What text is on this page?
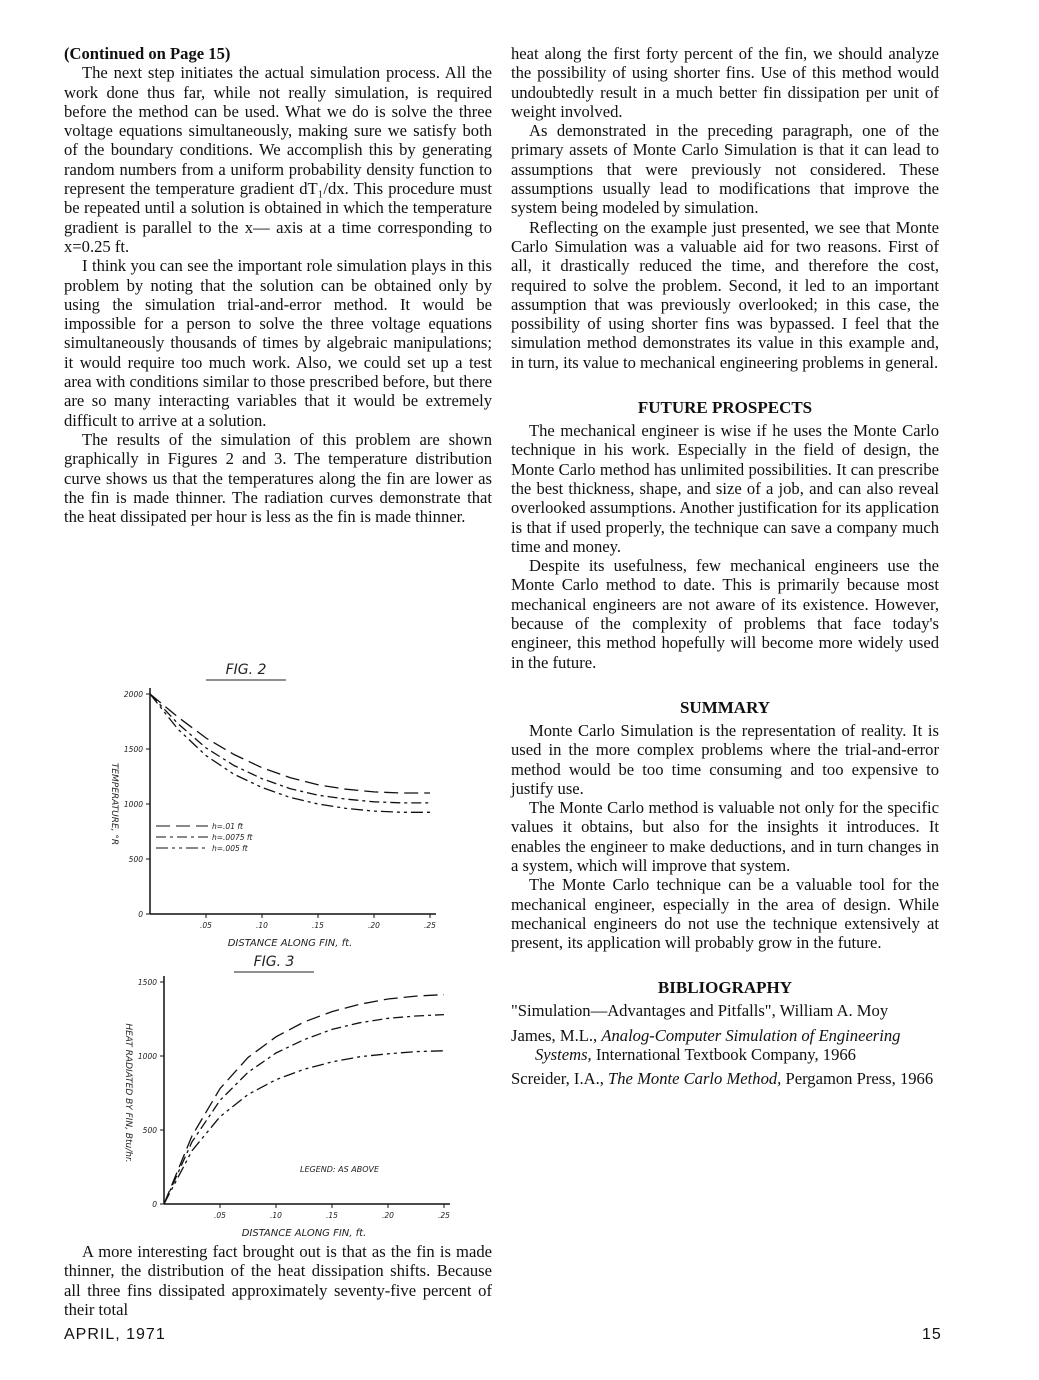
(Continued on Page 15)

The next step initiates the actual simulation process. All the work done thus far, while not really simulation, is required before the method can be used. What we do is solve the three voltage equations simultaneously, making sure we satisfy both of the boundary conditions. We accomplish this by generating random numbers from a uniform probability density function to represent the temperature gradient dT₁/dx. This procedure must be repeated until a solution is obtained in which the temperature gradient is parallel to the x— axis at a time corresponding to x=0.25 ft.

I think you can see the important role simulation plays in this problem by noting that the solution can be obtained only by using the simulation trial-and-error method. It would be impossible for a person to solve the three voltage equations simultaneously thousands of times by algebraic manipulations; it would require too much work. Also, we could set up a test area with conditions similar to those prescribed before, but there are so many interacting variables that it would be extremely difficult to arrive at a solution.

The results of the simulation of this problem are shown graphically in Figures 2 and 3. The temperature distribution curve shows us that the temperatures along the fin are lower as the fin is made thinner. The radiation curves demonstrate that the heat dissipated per hour is less as the fin is made thinner.

FIG. 2
.05	.10	.15	.20	.25
0
500
1000
1500
2000
DISTANCE ALONG FIN, ft.
TEMPERATURE, °R	h=.01 ft
h=.0075 ft
h=.005 ft
FIG. 3
.05	.10	.15	.20	.25
0
500
1000
1500
DISTANCE ALONG FIN, ft.
HEAT RADIATED BY FIN, Btu/hr.
LEGEND: AS ABOVE

A more interesting fact brought out is that as the fin is made thinner, the distribution of the heat dissipation shifts. Because all three fins dissipated approximately seventy-five percent of their total

heat along the first forty percent of the fin, we should analyze the possibility of using shorter fins. Use of this method would undoubtedly result in a much better fin dissipation per unit of weight involved.

As demonstrated in the preceding paragraph, one of the primary assets of Monte Carlo Simulation is that it can lead to assumptions that were previously not considered. These assumptions usually lead to modifications that improve the system being modeled by simulation.

Reflecting on the example just presented, we see that Monte Carlo Simulation was a valuable aid for two reasons. First of all, it drastically reduced the time, and therefore the cost, required to solve the problem. Second, it led to an important assumption that was previously overlooked; in this case, the possibility of using shorter fins was bypassed. I feel that the simulation method demonstrates its value in this example and, in turn, its value to mechanical engineering problems in general.

FUTURE PROSPECTS

The mechanical engineer is wise if he uses the Monte Carlo technique in his work. Especially in the field of design, the Monte Carlo method has unlimited possibilities. It can prescribe the best thickness, shape, and size of a job, and can also reveal overlooked assumptions. Another justification for its application is that if used properly, the technique can save a company much time and money.

Despite its usefulness, few mechanical engineers use the Monte Carlo method to date. This is primarily because most mechanical engineers are not aware of its existence. However, because of the complexity of problems that face today's engineer, this method hopefully will become more widely used in the future.

SUMMARY

Monte Carlo Simulation is the representation of reality. It is used in the more complex problems where the trial-and-error method would be too time consuming and too expensive to justify use.

The Monte Carlo method is valuable not only for the specific values it obtains, but also for the insights it introduces. It enables the engineer to make deductions, and in turn changes in a system, which will improve that system.

The Monte Carlo technique can be a valuable tool for the mechanical engineer, especially in the area of design. While mechanical engineers do not use the technique extensively at present, its application will probably grow in the future.

BIBLIOGRAPHY

"Simulation—Advantages and Pitfalls", William A. Moy

James, M.L., Analog-Computer Simulation of Engineering Systems, International Textbook Company, 1966

Screider, I.A., The Monte Carlo Method, Pergamon Press, 1966

APRIL, 1971	15
